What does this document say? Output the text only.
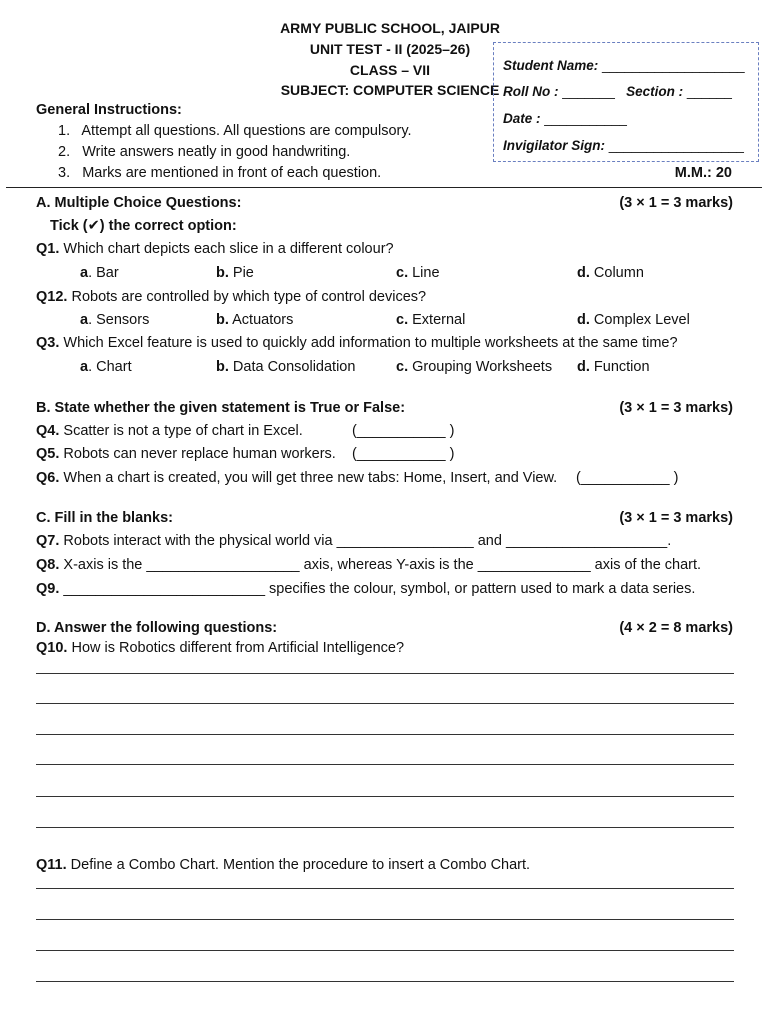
ARMY PUBLIC SCHOOL, JAIPUR
UNIT TEST - II (2025–26)
CLASS – VII
SUBJECT: COMPUTER SCIENCE
Student Name: ___________________
Roll No : _______ Section : ______
Date : ___________
Invigilator Sign: __________________
General Instructions:
1. Attempt all questions. All questions are compulsory.
2. Write answers neatly in good handwriting.
3. Marks are mentioned in front of each question.	M.M.: 20
A. Multiple Choice Questions:	(3 × 1 = 3 marks)
Tick (✔) the correct option:
Q1. Which chart depicts each slice in a different colour?
a. Bar	b. Pie	c. Line	d. Column
Q12. Robots are controlled by which type of control devices?
a. Sensors	b. Actuators	c. External	d. Complex Level
Q3. Which Excel feature is used to quickly add information to multiple worksheets at the same time?
a. Chart	b. Data Consolidation	c. Grouping Worksheets d. Function
B. State whether the given statement is True or False:	(3 × 1 = 3 marks)
Q4. Scatter is not a type of chart in Excel.	(___________ )
Q5. Robots can never replace human workers. (___________ )
Q6. When a chart is created, you will get three new tabs: Home, Insert, and View. (___________ )
C. Fill in the blanks:	(3 × 1 = 3 marks)
Q7. Robots interact with the physical world via _________________ and ____________________.
Q8. X-axis is the ___________________ axis, whereas Y-axis is the ______________ axis of the chart.
Q9. _________________________ specifies the colour, symbol, or pattern used to mark a data series.
D. Answer the following questions:	(4 × 2 = 8 marks)
Q10. How is Robotics different from Artificial Intelligence?
Q11. Define a Combo Chart. Mention the procedure to insert a Combo Chart.
